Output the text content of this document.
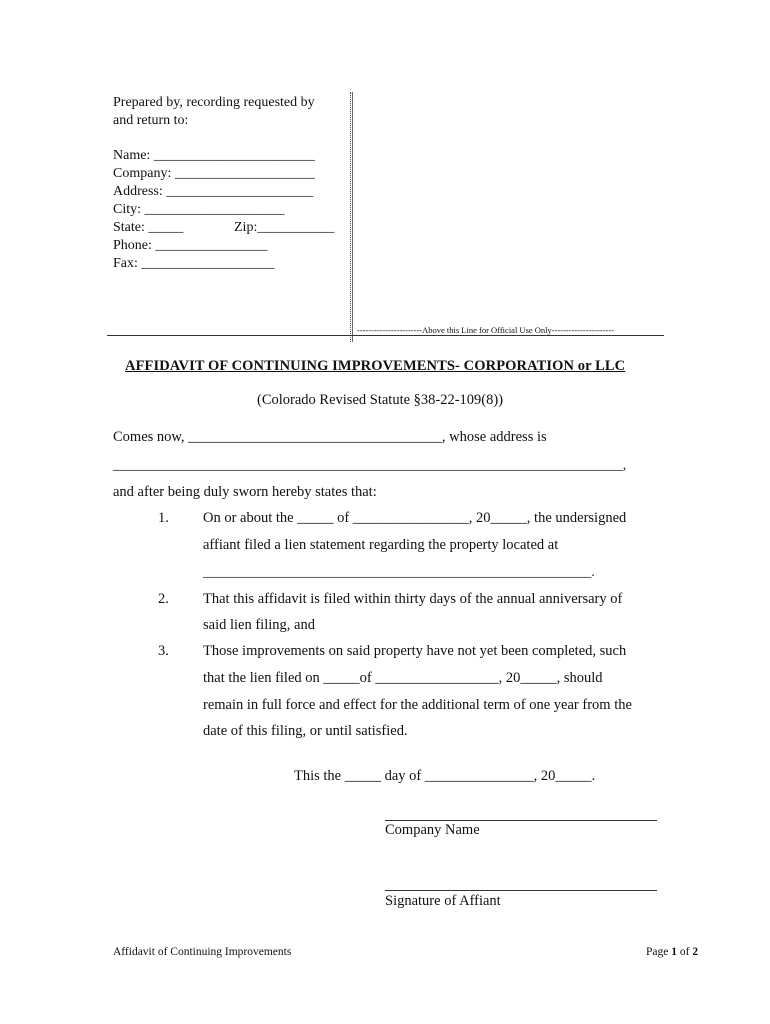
Prepared by, recording requested by
and return to:
Name: _______________________
Company: ____________________
Address: _____________________
City: ____________________
State: _____	Zip:___________
Phone: ________________
Fax: ___________________
-----------------------Above this Line for Official Use Only----------------------
AFFIDAVIT OF CONTINUING IMPROVEMENTS- CORPORATION or LLC
(Colorado Revised Statute §38-22-109(8))
Comes now, ___________________________________, whose address is
___________________________________________________________________________,
and after being duly sworn hereby states that:
1. On or about the _____ of ________________, 20_____, the undersigned
affiant filed a lien statement regarding the property located at
__________________________________________________________.
2. That this affidavit is filed within thirty days of the annual anniversary of
said lien filing, and
3. Those improvements on said property have not yet been completed, such
that the lien filed on _____of _________________, 20_____, should
remain in full force and effect for the additional term of one year from the
date of this filing, or until satisfied.
This the _____ day of _______________, 20_____.
Company Name
Signature of Affiant
Affidavit of Continuing Improvements	Page 1 of 2
